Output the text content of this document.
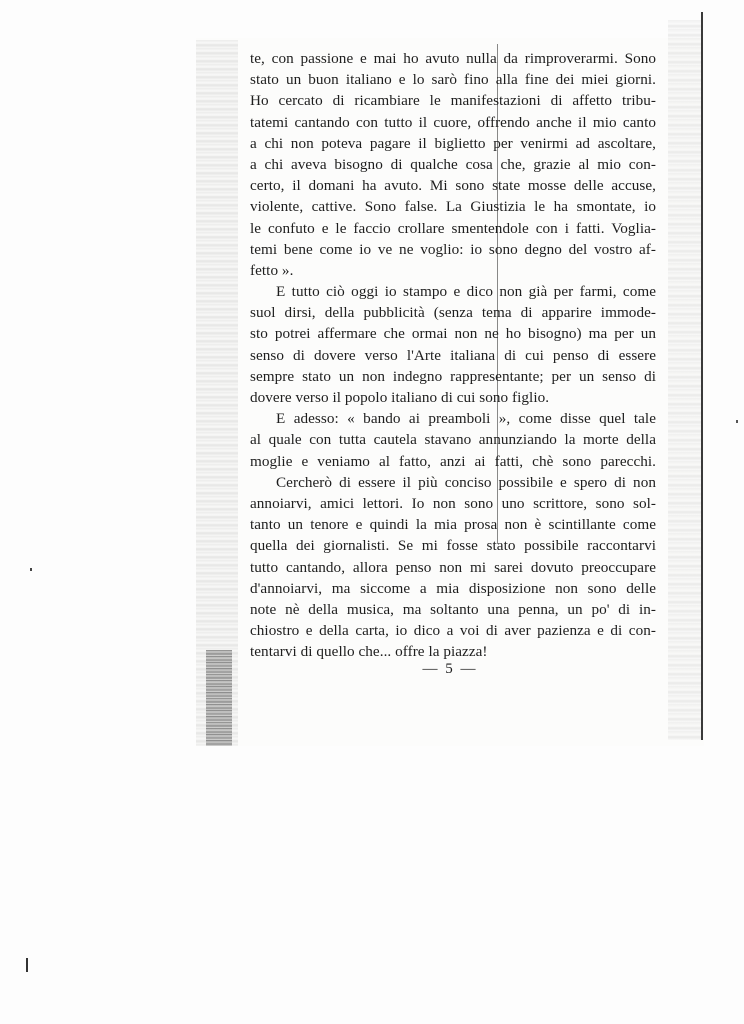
te, con passione e mai ho avuto nulla da rimproverarmi. Sono
stato un buon italiano e lo sarò fino alla fine dei miei giorni.
Ho cercato di ricambiare le manifestazioni di affetto tribu-
tatemi cantando con tutto il cuore, offrendo anche il mio canto
a chi non poteva pagare il biglietto per venirmi ad ascoltare,
a chi aveva bisogno di qualche cosa che, grazie al mio con-
certo, il domani ha avuto. Mi sono state mosse delle accuse,
violente, cattive. Sono false. La Giustizia le ha smontate, io
le confuto e le faccio crollare smentendole con i fatti. Voglia-
temi bene come io ve ne voglio: io sono degno del vostro af-
fetto ».
E tutto ciò oggi io stampo e dico non già per farmi, come
suol dirsi, della pubblicità (senza tema di apparire immode-
sto potrei affermare che ormai non ne ho bisogno) ma per un
senso di dovere verso l'Arte italiana di cui penso di essere
sempre stato un non indegno rappresentante; per un senso di
dovere verso il popolo italiano di cui sono figlio.
E adesso: « bando ai preamboli », come disse quel tale
al quale con tutta cautela stavano annunziando la morte della
moglie e veniamo al fatto, anzi ai fatti, chè sono parecchi.
Cercherò di essere il più conciso possibile e spero di non
annoiarvi, amici lettori. Io non sono uno scrittore, sono sol-
tanto un tenore e quindi la mia prosa non è scintillante come
quella dei giornalisti. Se mi fosse stato possibile raccontarvi
tutto cantando, allora penso non mi sarei dovuto preoccupare
d'annoiarvi, ma siccome a mia disposizione non sono delle
note nè della musica, ma soltanto una penna, un po' di in-
chiostro e della carta, io dico a voi di aver pazienza e di con-
tentarvi di quello che... offre la piazza!
— 5 —
